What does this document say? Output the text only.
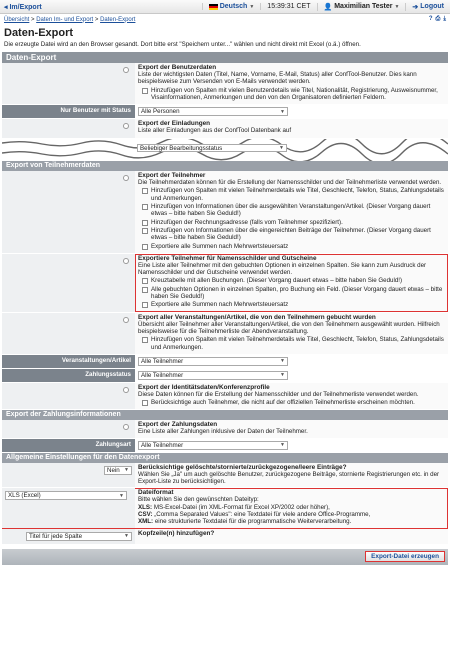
◂ Im/Export	Deutsch ▼	15:39:31 CET	👤 Maximilian Tester ▼ ➔ Logout
Übersicht > Daten Im- und Export > Daten-Export	? ⎙ ⤓
Daten-Export
Die erzeugte Datei wird an den Browser gesandt. Dort bitte erst "Speichern unter..." wählen und nicht direkt mit Excel (o.ä.) öffnen.
Daten-Export
Export der Benutzerdaten

Liste der wichtigsten Daten (Titel, Name, Vorname, E-Mail, Status) aller ConfTool-Benutzer. Dies kann beispielsweise zum Versenden von E-Mails verwendet werden.

Hinzufügen von Spalten mit vielen Benutzerdetails wie Titel, Nationalität, Registrierung, Ausweisnummer, Visainformationen, Anmerkungen und den von den Organisatoren definierten Feldern.
Nur Benutzer mit Status	Alle Personen	▼
Export der Einladungen

Liste aller Einladungen aus der ConfTool Datenbank auf

Beliebiger Bearbeitungsstatus	▼
Export von Teilnehmerdaten
Export der Teilnehmer

Die Teilnehmerdaten können für die Erstellung der Namensschilder und der Teilnehmerliste verwendet werden.

Hinzufügen von Spalten mit vielen Teilnehmerdetails wie Titel, Geschlecht, Telefon, Status, Zahlungsdetails und Anmerkungen.
Hinzufügen von Informationen über die ausgewählten Veranstaltungen/Artikel. (Dieser Vorgang dauert etwas – bitte haben Sie Geduld!)
Hinzufügen der Rechnungsadresse (falls vom Teilnehmer spezifiziert).
Hinzufügen von Informationen über die eingereichten Beiträge der Teilnehmer. (Dieser Vorgang dauert etwas – bitte haben Sie Geduld!)
Exportiere alle Summen nach Mehrwertsteuersatz
Exportiere Teilnehmer für Namensschilder und Gutscheine

Eine Liste aller Teilnehmer mit den gebuchten Optionen in einzelnen Spalten. Sie kann zum Ausdruck der Namensschilder und der Gutscheine verwendet werden.

Kreuztabelle mit allen Buchungen. (Dieser Vorgang dauert etwas – bitte haben Sie Geduld!)
Alle gebuchten Optionen in einzelnen Spalten, pro Buchung ein Feld. (Dieser Vorgang dauert etwas – bitte haben Sie Geduld!)
Exportiere alle Summen nach Mehrwertsteuersatz
Export aller Veranstaltungen/Artikel, die von den Teilnehmern gebucht wurden

Übersicht aller Teilnehmer aller Veranstaltungen/Artikel, die von den Teilnehmern ausgewählt wurden. Hilfreich beispielsweise für die Teilnehmerliste der Abendveranstaltung.

Hinzufügen von Spalten mit vielen Teilnehmerdetails wie Titel, Geschlecht, Telefon, Status, Zahlungsdetails und Anmerkungen.
Veranstaltungen/Artikel	Alle Teilnehmer	▼
Zahlungsstatus	Alle Teilnehmer	▼
Export der Identitätsdaten/Konferenzprofile

Diese Daten können für die Erstellung der Namensschilder und der Teilnehmerliste verwendet werden.

Berücksichtige auch Teilnehmer, die nicht auf der offiziellen Teilnehmerliste erscheinen möchten.
Export der Zahlungsinformationen
Export der Zahlungsdaten

Eine Liste aller Zahlungen inklusive der Daten der Teilnehmer.

Zahlungsart	Alle Teilnehmer	▼
Allgemeine Einstellungen für den Datenexport
Nein ▼ Berücksichtige gelöschte/stornierte/zurückgezogene/leere Einträge?

Wählen Sie „Ja" um auch gelöschte Benutzer, zurückgezogene Beiträge, stornierte Registrierungen etc. in der Export-Liste zu berücksichtigen.

XLS (Excel)	▼ Dateiformat

Bitte wählen Sie den gewünschten Dateityp:

XLS: MS-Excel-Datei (im XML-Format für Excel XP/2002 oder höher),

CSV: „Comma Separated Values": eine Textdatei für viele andere Office-Programme,

XML: eine strukturierte Textdatei für die programmatische Weiterverarbeitung.

Titel für jede Spalte	▼ Kopfzeile(n) hinzufügen?
Export-Datei erzeugen
